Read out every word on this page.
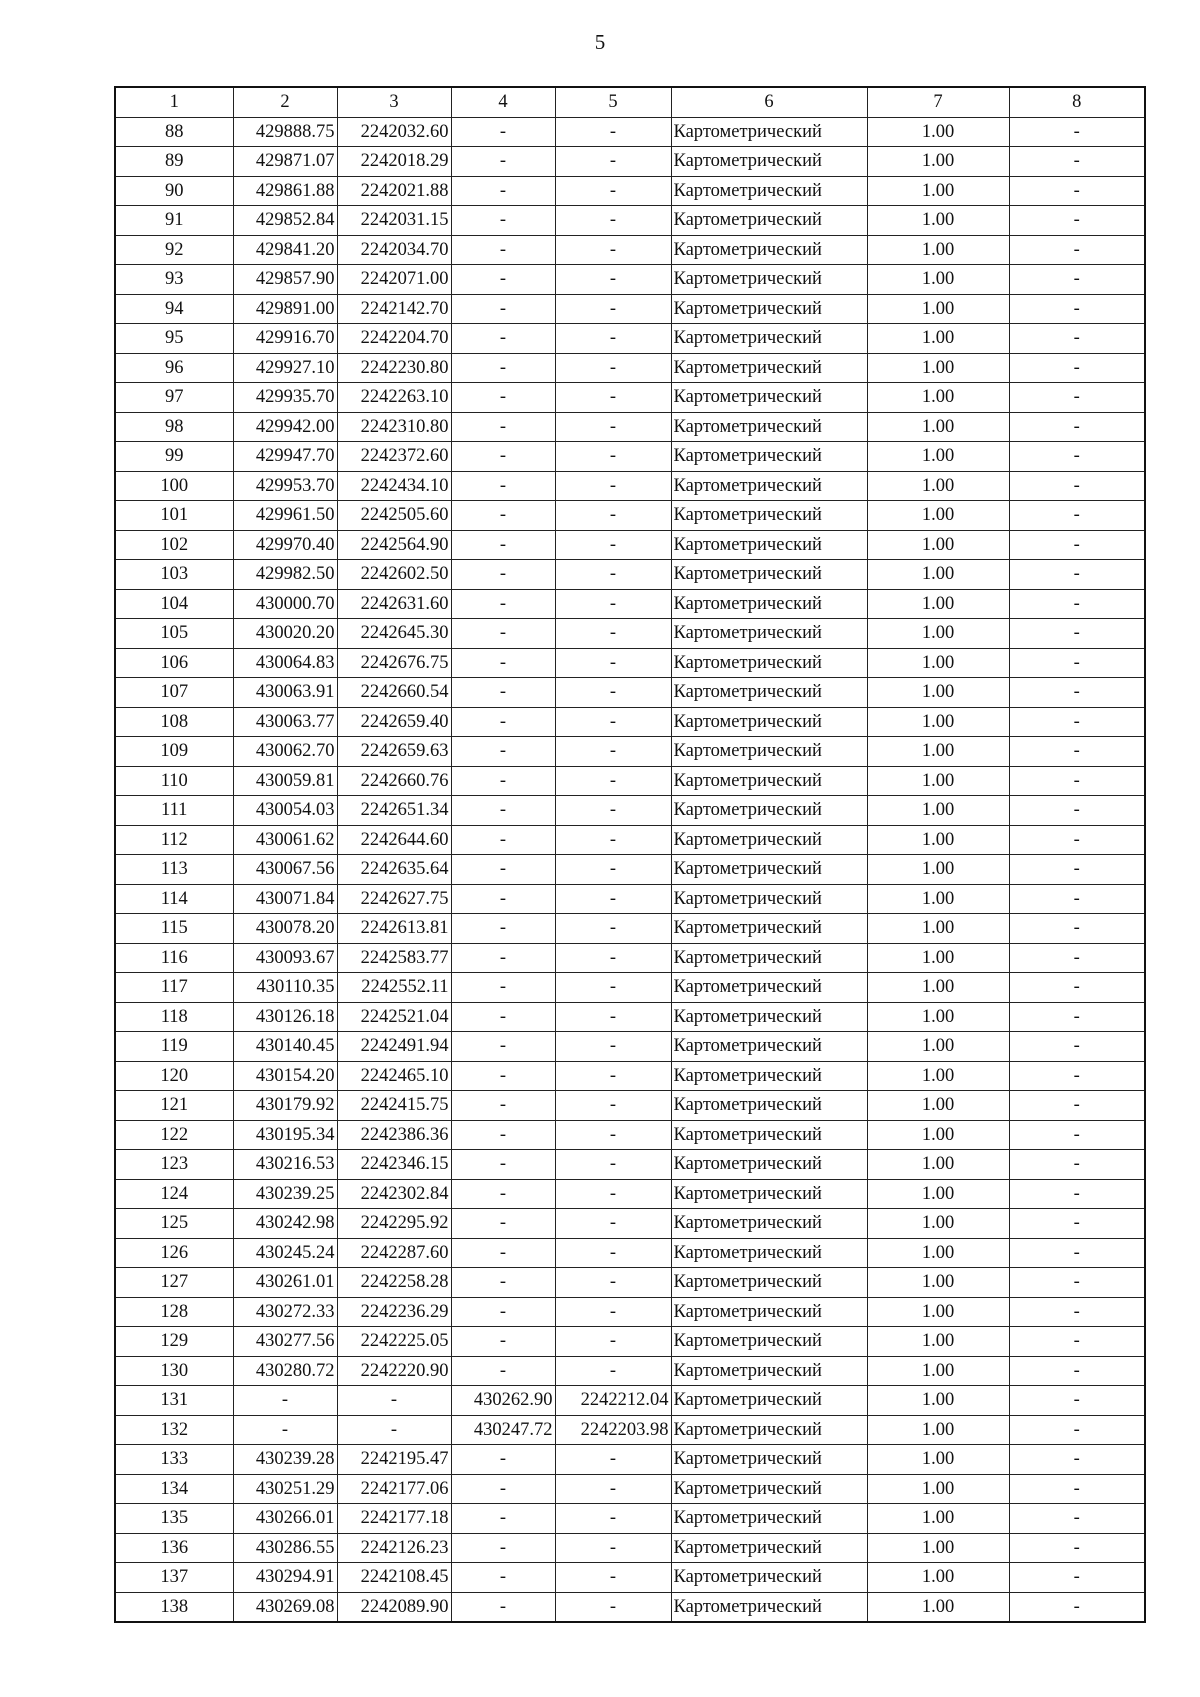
5
1	2	3	4	5	6	7	8
88	429888.75	2242032.60	-	-	Картометрический	1.00	-
89	429871.07	2242018.29	-	-	Картометрический	1.00	-
90	429861.88	2242021.88	-	-	Картометрический	1.00	-
91	429852.84	2242031.15	-	-	Картометрический	1.00	-
92	429841.20	2242034.70	-	-	Картометрический	1.00	-
93	429857.90	2242071.00	-	-	Картометрический	1.00	-
94	429891.00	2242142.70	-	-	Картометрический	1.00	-
95	429916.70	2242204.70	-	-	Картометрический	1.00	-
96	429927.10	2242230.80	-	-	Картометрический	1.00	-
97	429935.70	2242263.10	-	-	Картометрический	1.00	-
98	429942.00	2242310.80	-	-	Картометрический	1.00	-
99	429947.70	2242372.60	-	-	Картометрический	1.00	-
100	429953.70	2242434.10	-	-	Картометрический	1.00	-
101	429961.50	2242505.60	-	-	Картометрический	1.00	-
102	429970.40	2242564.90	-	-	Картометрический	1.00	-
103	429982.50	2242602.50	-	-	Картометрический	1.00	-
104	430000.70	2242631.60	-	-	Картометрический	1.00	-
105	430020.20	2242645.30	-	-	Картометрический	1.00	-
106	430064.83	2242676.75	-	-	Картометрический	1.00	-
107	430063.91	2242660.54	-	-	Картометрический	1.00	-
108	430063.77	2242659.40	-	-	Картометрический	1.00	-
109	430062.70	2242659.63	-	-	Картометрический	1.00	-
110	430059.81	2242660.76	-	-	Картометрический	1.00	-
111	430054.03	2242651.34	-	-	Картометрический	1.00	-
112	430061.62	2242644.60	-	-	Картометрический	1.00	-
113	430067.56	2242635.64	-	-	Картометрический	1.00	-
114	430071.84	2242627.75	-	-	Картометрический	1.00	-
115	430078.20	2242613.81	-	-	Картометрический	1.00	-
116	430093.67	2242583.77	-	-	Картометрический	1.00	-
117	430110.35	2242552.11	-	-	Картометрический	1.00	-
118	430126.18	2242521.04	-	-	Картометрический	1.00	-
119	430140.45	2242491.94	-	-	Картометрический	1.00	-
120	430154.20	2242465.10	-	-	Картометрический	1.00	-
121	430179.92	2242415.75	-	-	Картометрический	1.00	-
122	430195.34	2242386.36	-	-	Картометрический	1.00	-
123	430216.53	2242346.15	-	-	Картометрический	1.00	-
124	430239.25	2242302.84	-	-	Картометрический	1.00	-
125	430242.98	2242295.92	-	-	Картометрический	1.00	-
126	430245.24	2242287.60	-	-	Картометрический	1.00	-
127	430261.01	2242258.28	-	-	Картометрический	1.00	-
128	430272.33	2242236.29	-	-	Картометрический	1.00	-
129	430277.56	2242225.05	-	-	Картометрический	1.00	-
130	430280.72	2242220.90	-	-	Картометрический	1.00	-
131	-	-	430262.90	2242212.04	Картометрический	1.00	-
132	-	-	430247.72	2242203.98	Картометрический	1.00	-
133	430239.28	2242195.47	-	-	Картометрический	1.00	-
134	430251.29	2242177.06	-	-	Картометрический	1.00	-
135	430266.01	2242177.18	-	-	Картометрический	1.00	-
136	430286.55	2242126.23	-	-	Картометрический	1.00	-
137	430294.91	2242108.45	-	-	Картометрический	1.00	-
138	430269.08	2242089.90	-	-	Картометрический	1.00	-
